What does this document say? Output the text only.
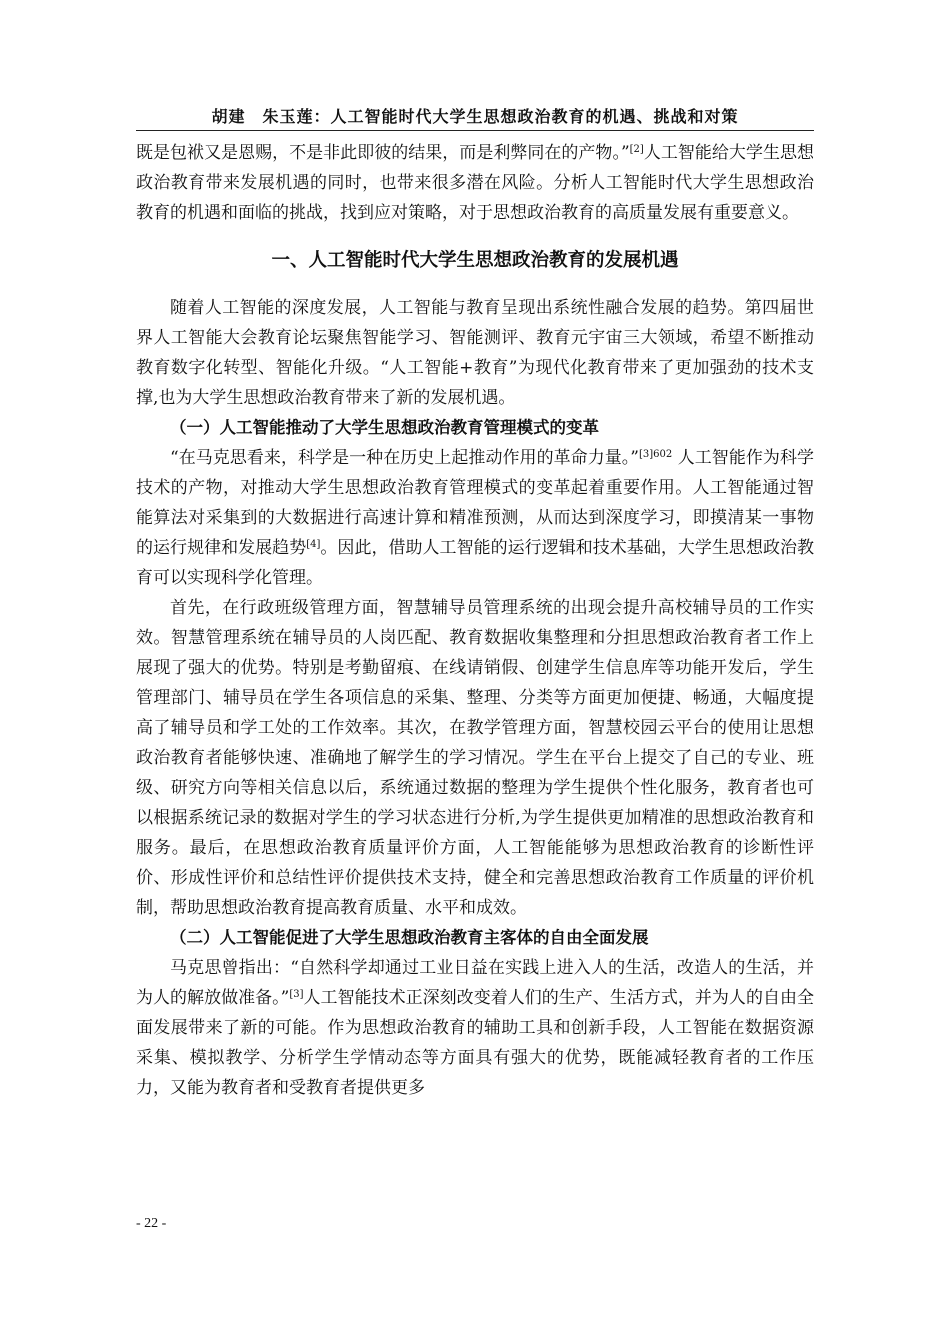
胡建　朱玉莲：人工智能时代大学生思想政治教育的机遇、挑战和对策

既是包袱又是恩赐，不是非此即彼的结果，而是利弊同在的产物。”[2]人工智能给大学生思想政治教育带来发展机遇的同时，也带来很多潜在风险。分析人工智能时代大学生思想政治教育的机遇和面临的挑战，找到应对策略，对于思想政治教育的高质量发展有重要意义。

一、人工智能时代大学生思想政治教育的发展机遇

随着人工智能的深度发展，人工智能与教育呈现出系统性融合发展的趋势。第四届世界人工智能大会教育论坛聚焦智能学习、智能测评、教育元宇宙三大领域，希望不断推动教育数字化转型、智能化升级。“人工智能+教育”为现代化教育带来了更加强劲的技术支撑,也为大学生思想政治教育带来了新的发展机遇。

（一）人工智能推动了大学生思想政治教育管理模式的变革

“在马克思看来，科学是一种在历史上起推动作用的革命力量。”$^{[3]602}$ 人工智能作为科学技术的产物，对推动大学生思想政治教育管理模式的变革起着重要作用。人工智能通过智能算法对采集到的大数据进行高速计算和精准预测，从而达到深度学习，即摸清某一事物的运行规律和发展趋势[4]。因此，借助人工智能的运行逻辑和技术基础，大学生思想政治教育可以实现科学化管理。

首先，在行政班级管理方面，智慧辅导员管理系统的出现会提升高校辅导员的工作实效。智慧管理系统在辅导员的人岗匹配、教育数据收集整理和分担思想政治教育者工作上展现了强大的优势。特别是考勤留痕、在线请销假、创建学生信息库等功能开发后，学生管理部门、辅导员在学生各项信息的采集、整理、分类等方面更加便捷、畅通，大幅度提高了辅导员和学工处的工作效率。其次，在教学管理方面，智慧校园云平台的使用让思想政治教育者能够快速、准确地了解学生的学习情况。学生在平台上提交了自己的专业、班级、研究方向等相关信息以后，系统通过数据的整理为学生提供个性化服务，教育者也可以根据系统记录的数据对学生的学习状态进行分析,为学生提供更加精准的思想政治教育和服务。最后，在思想政治教育质量评价方面，人工智能能够为思想政治教育的诊断性评价、形成性评价和总结性评价提供技术支持，健全和完善思想政治教育工作质量的评价机制，帮助思想政治教育提高教育质量、水平和成效。

（二）人工智能促进了大学生思想政治教育主客体的自由全面发展

马克思曾指出：“自然科学却通过工业日益在实践上进入人的生活，改造人的生活，并为人的解放做准备。”[3]人工智能技术正深刻改变着人们的生产、生活方式，并为人的自由全面发展带来了新的可能。作为思想政治教育的辅助工具和创新手段，人工智能在数据资源采集、模拟教学、分析学生学情动态等方面具有强大的优势，既能减轻教育者的工作压力，又能为教育者和受教育者提供更多

- 22 -
